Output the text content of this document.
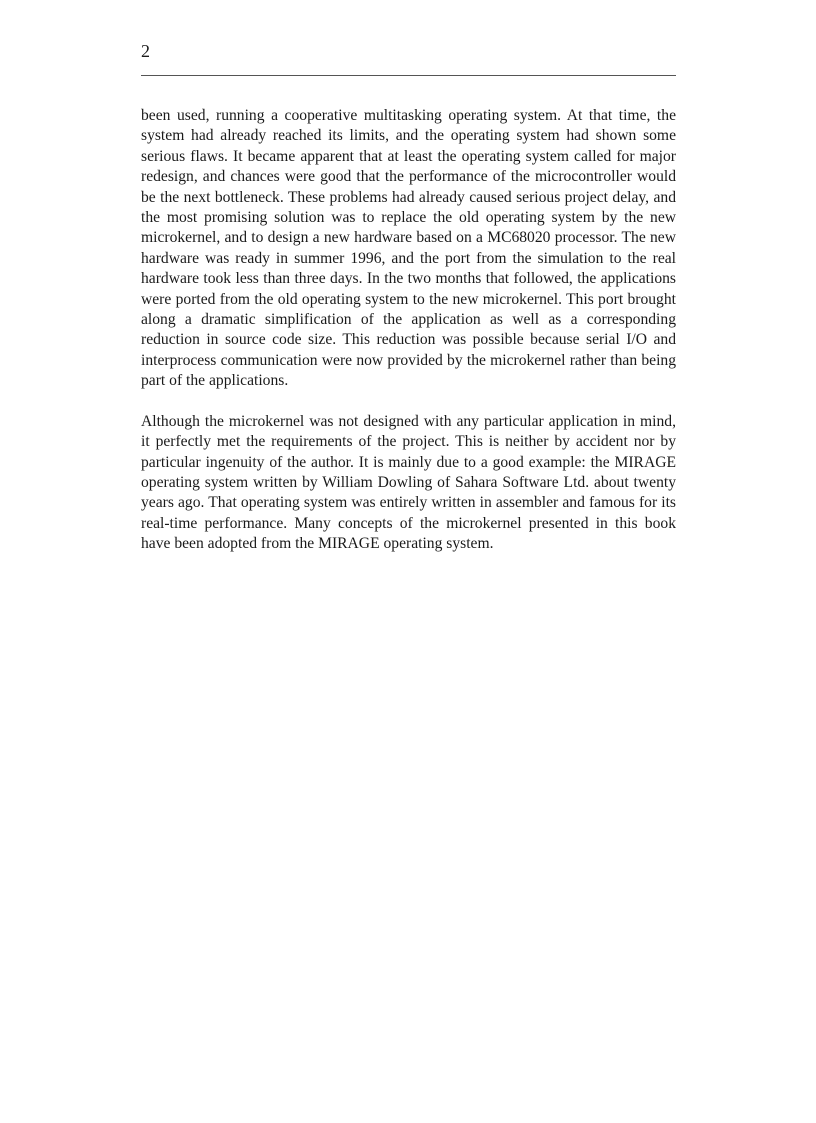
2

been used, running a cooperative multitasking operating system. At that time, the system had already reached its limits, and the operating system had shown some serious flaws. It became apparent that at least the operating system called for major redesign, and chances were good that the performance of the microcontroller would be the next bottleneck. These problems had already caused serious project delay, and the most promising solution was to replace the old operating system by the new microkernel, and to design a new hardware based on a MC68020 processor. The new hardware was ready in summer 1996, and the port from the simulation to the real hardware took less than three days. In the two months that followed, the applications were ported from the old operating system to the new microkernel. This port brought along a dramatic simplification of the application as well as a corresponding reduction in source code size. This reduction was possible because serial I/O and interprocess communication were now provided by the microkernel rather than being part of the applications.

Although the microkernel was not designed with any particular application in mind, it perfectly met the requirements of the project. This is neither by accident nor by particular ingenuity of the author. It is mainly due to a good example: the MIRAGE operating system written by William Dowling of Sahara Software Ltd. about twenty years ago. That operating system was entirely written in assembler and famous for its real-time performance. Many concepts of the microkernel presented in this book have been adopted from the MIRAGE operating system.
